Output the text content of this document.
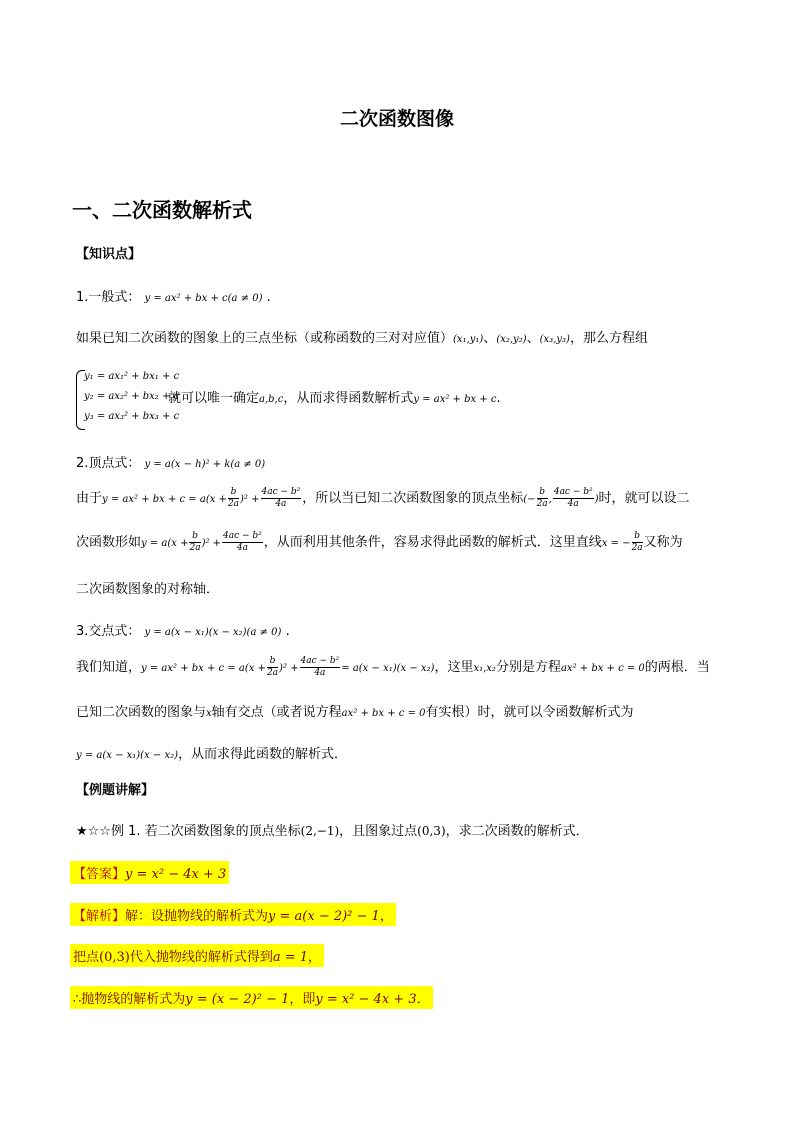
二次函数图像
一、二次函数解析式
【知识点】
1.一般式： y = ax² + bx + c(a ≠ 0) .
如果已知二次函数的图象上的三点坐标（或称函数的三对对应值）(x₁,y₁)、(x₂,y₂)、(x₃,y₃)，那么方程组
y₁ = ax₁² + bx₁ + c
y₂ = ax₂² + bx₂ + c
y₃ = ax₃² + bx₃ + c
就可以唯一确定a,b,c，从而求得函数解析式y = ax² + bx + c.
2.顶点式： y = a(x − h)² + k(a ≠ 0)
由于y = ax² + bx + $c = a(x + \frac{b}{2a} )^2 + \frac{\text{4ac − b²}}{4a}$ ，所以当已知二次函数图象的顶点坐标(− $\frac{b}{2a}$ , $\frac{\text{4ac − b²}}{4a}$ )时，就可以设二
次函数形如$y = a(x + \frac{b}{2a} )^2 + \frac{\text{4ac − b²}}{4a}$ ，从而利用其他条件，容易求得此函数的解析式．这里直线x = − $\frac{b}{2a}$ 又称为
二次函数图象的对称轴．
3.交点式： y = a(x − x₁)(x − x₂)(a ≠ 0) .
我们知道，y = ax² + bx + $c = a(x + \frac{b}{2a} )^2 + \frac{\text{4ac − b²}}{4a} = a(x - x_1)(x - x_2)$，这里x₁,x₂分别是方程ax² + bx + c = 0的两根．当
已知二次函数的图象与x轴有交点（或者说方程ax² + bx + c = 0有实根）时，就可以令函数解析式为
y = a(x − x₁)(x − x₂)，从而求得此函数的解析式．
【例题讲解】
★☆☆例 1. 若二次函数图象的顶点坐标(2,−1)，且图象过点(0,3)，求二次函数的解析式．
【答案】y = x² − 4x + 3
【解析】解：设抛物线的解析式为y = a(x − 2)² − 1，
把点(0,3)代入抛物线的解析式得到a = 1，
∴抛物线的解析式为y = (x − 2)² − 1，即y = x² − 4x + 3．
